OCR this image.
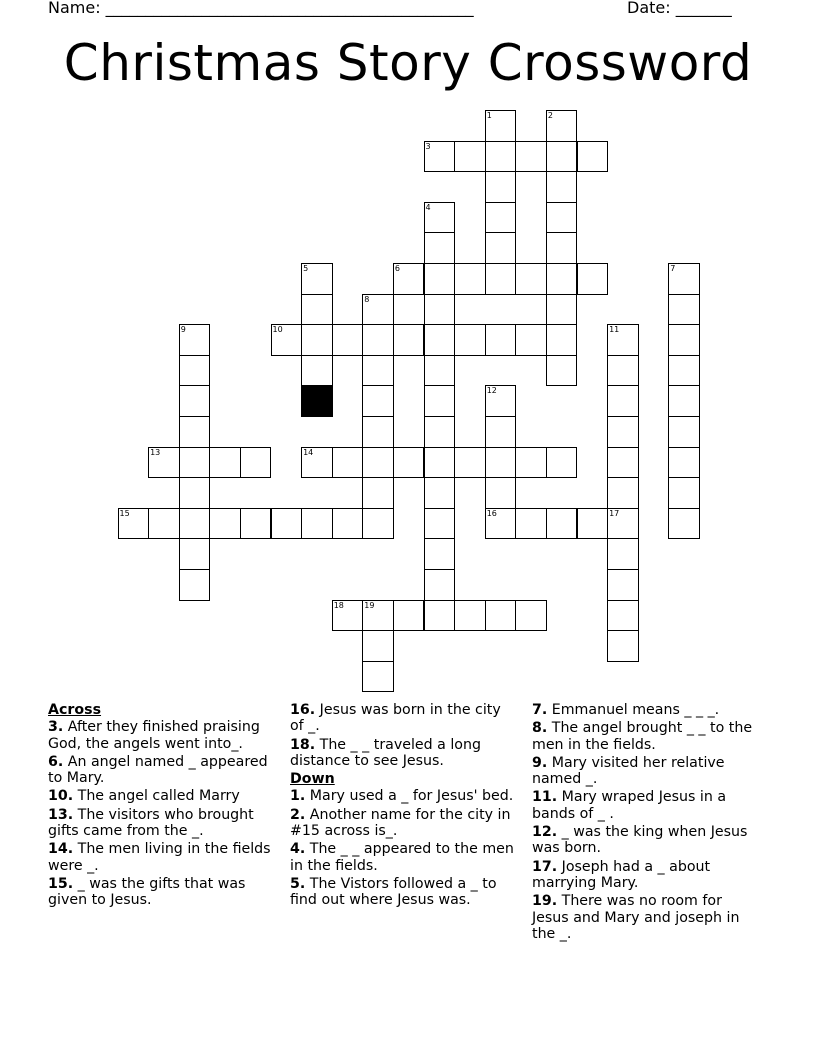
Name: ______________________________________________	Date: _______
Christmas Story Crossword
3
6
10
13	14
15	16	17
18	19
1	2
4
5	7
8
9	11
12
Across

3. After they finished praising God, the angels went into_.

6. An angel named _ appeared to Mary.

10. The angel called Marry

13. The visitors who brought gifts came from the _.

14. The men living in the fields were _.

15. _ was the gifts that was given to Jesus.

16. Jesus was born in the city of _.

18. The _ _ traveled a long distance to see Jesus.

Down

1. Mary used a _ for Jesus' bed.

2. Another name for the city in #15 across is_.

4. The _ _ appeared to the men in the fields.

5. The Vistors followed a _ to find out where Jesus was.

7. Emmanuel means _ _ _.

8. The angel brought _ _ to the men in the fields.

9. Mary visited her relative named _.

11. Mary wraped Jesus in a bands of _ .

12. _ was the king when Jesus was born.

17. Joseph had a _ about marrying Mary.

19. There was no room for Jesus and Mary and joseph in the _.
